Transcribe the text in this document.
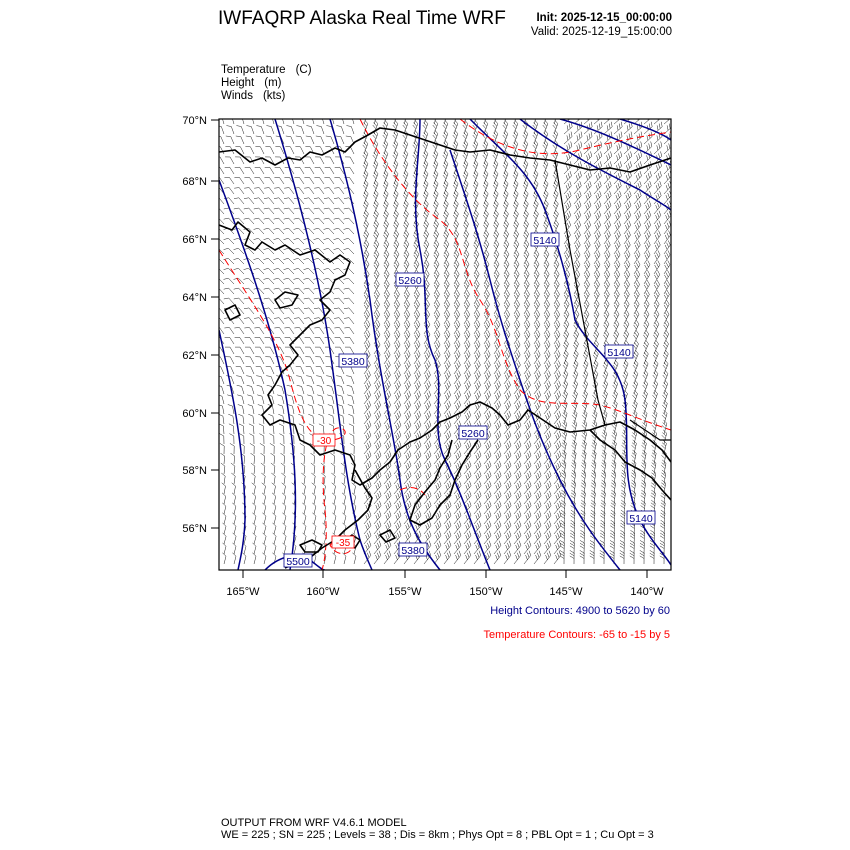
IWFAQRP Alaska Real Time WRF	Init: 2025-12-15_00:00:00
Valid: 2025-12-19_15:00:00
Temperature (C)
Height (m)
Winds (kts)
5140
5260
5140
5380
5260
5380
5140
5500
-30
-35
70°N
68°N
66°N
64°N
62°N
60°N
58°N
56°N
165°W	160°W	155°W	150°W	145°W	140°W
Height Contours: 4900 to 5620 by 60
Temperature Contours: -65 to -15 by 5
OUTPUT FROM WRF V4.6.1 MODEL
WE = 225 ; SN = 225 ; Levels = 38 ; Dis = 8km ; Phys Opt = 8 ; PBL Opt = 1 ; Cu Opt = 3
